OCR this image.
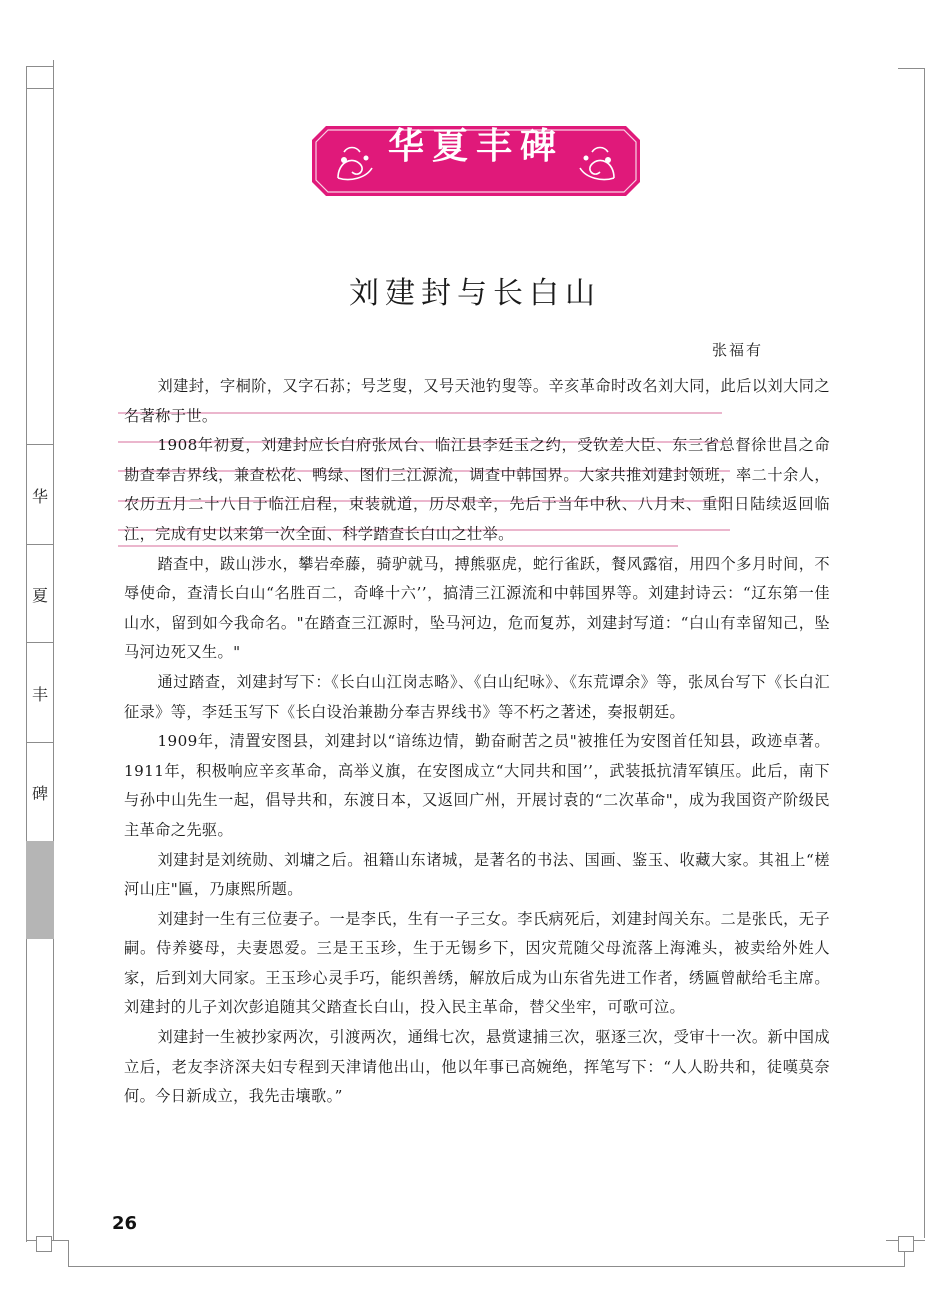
华
夏
丰
碑
华夏丰碑
刘建封与长白山
张福有

刘建封，字桐阶，又字石荪；号芝叟，又号天池钓叟等。辛亥革命时改名刘大同，此后以刘大同之名著称于世。

1908年初夏，刘建封应长白府张凤台、临江县李廷玉之约，受钦差大臣、东三省总督徐世昌之命勘查奉吉界线，兼查松花、鸭绿、图们三江源流，调查中韩国界。大家共推刘建封领班，率二十余人，农历五月二十八日于临江启程，束装就道，历尽艰辛，先后于当年中秋、八月末、重阳日陆续返回临江，完成有史以来第一次全面、科学踏查长白山之壮举。

踏查中，跋山涉水，攀岩牵藤，骑驴就马，搏熊驱虎，蛇行雀跃，餐风露宿，用四个多月时间，不辱使命，查清长白山“名胜百二，奇峰十六’’，搞清三江源流和中韩国界等。刘建封诗云：“辽东第一佳山水，留到如今我命名。"在踏查三江源时，坠马河边，危而复苏，刘建封写道：“白山有幸留知己，坠马河边死又生。"

通过踏查，刘建封写下：《长白山江岗志略》、《白山纪咏》、《东荒谭余》等，张凤台写下《长白汇征录》等，李廷玉写下《长白设治兼勘分奉吉界线书》等不朽之著述，奏报朝廷。

1909年，清置安图县，刘建封以“谙练边情，勤奋耐苦之员"被推任为安图首任知县，政迹卓著。1911年，积极响应辛亥革命，高举义旗，在安图成立“大同共和国’’，武装抵抗清军镇压。此后，南下与孙中山先生一起，倡导共和，东渡日本，又返回广州，开展讨袁的“二次革命"，成为我国资产阶级民主革命之先驱。

刘建封是刘统勋、刘墉之后。祖籍山东诸城，是著名的书法、国画、鉴玉、收藏大家。其祖上“槎河山庄"匾，乃康熙所题。

刘建封一生有三位妻子。一是李氏，生有一子三女。李氏病死后，刘建封闯关东。二是张氏，无子嗣。侍养婆母，夫妻恩爱。三是王玉珍，生于无锡乡下，因灾荒随父母流落上海滩头，被卖给外姓人家，后到刘大同家。王玉珍心灵手巧，能织善绣，解放后成为山东省先进工作者，绣匾曾献给毛主席。刘建封的儿子刘次彭追随其父踏查长白山，投入民主革命，替父坐牢，可歌可泣。

刘建封一生被抄家两次，引渡两次，通缉七次，悬赏逮捕三次，驱逐三次，受审十一次。新中国成立后，老友李济深夫妇专程到天津请他出山，他以年事已高婉绝，挥笔写下：“人人盼共和，徒嘆莫奈何。今日新成立，我先击壤歌。”

26
